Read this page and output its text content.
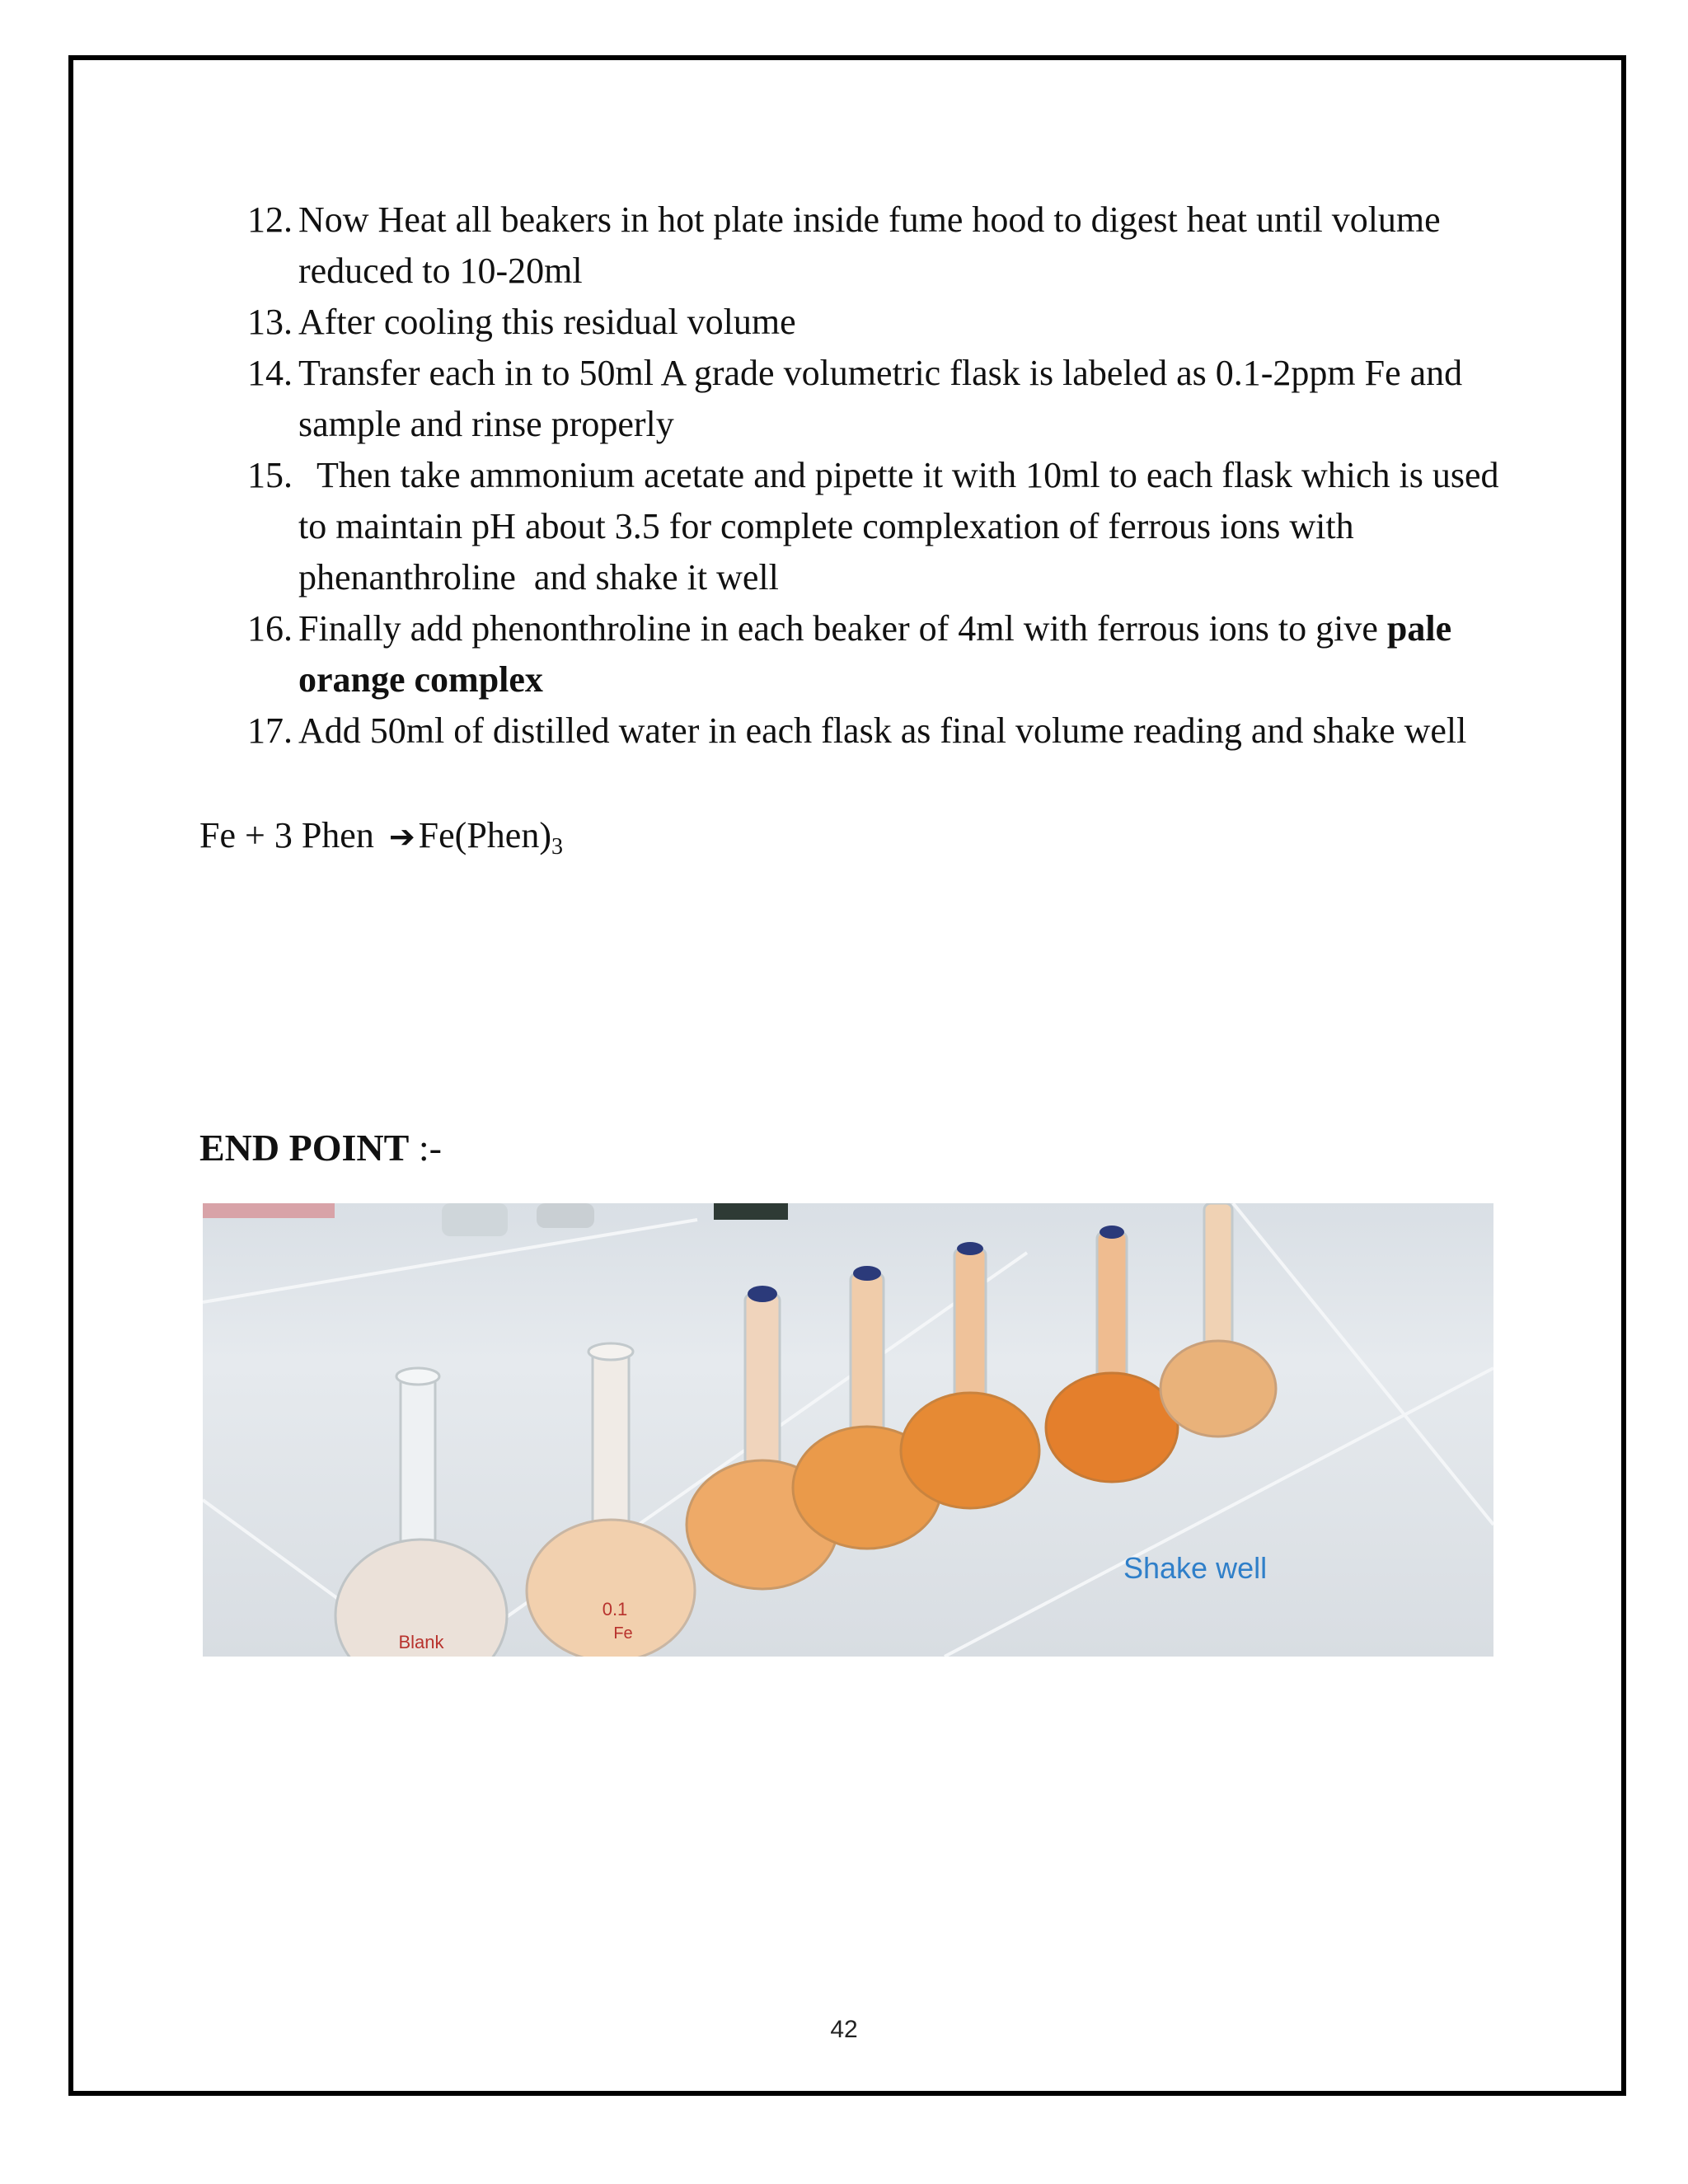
12. Now Heat all beakers in hot plate inside fume hood to digest heat until volume reduced to 10-20ml
13. After cooling this residual volume
14. Transfer each in to 50ml A grade volumetric flask is labeled as 0.1-2ppm Fe and sample and rinse properly
15. Then take ammonium acetate and pipette it with 10ml to each flask which is used to maintain pH about 3.5 for complete complexation of ferrous ions with phenanthroline  and shake it well
16. Finally add phenonthroline in each beaker of 4ml with ferrous ions to give pale orange complex
17. Add 50ml of distilled water in each flask as final volume reading and shake well
Fe + 3 Phen $➔Fe(Phen)_3$
END POINT :-
Blank
0.1
Fe
Shake well
42
